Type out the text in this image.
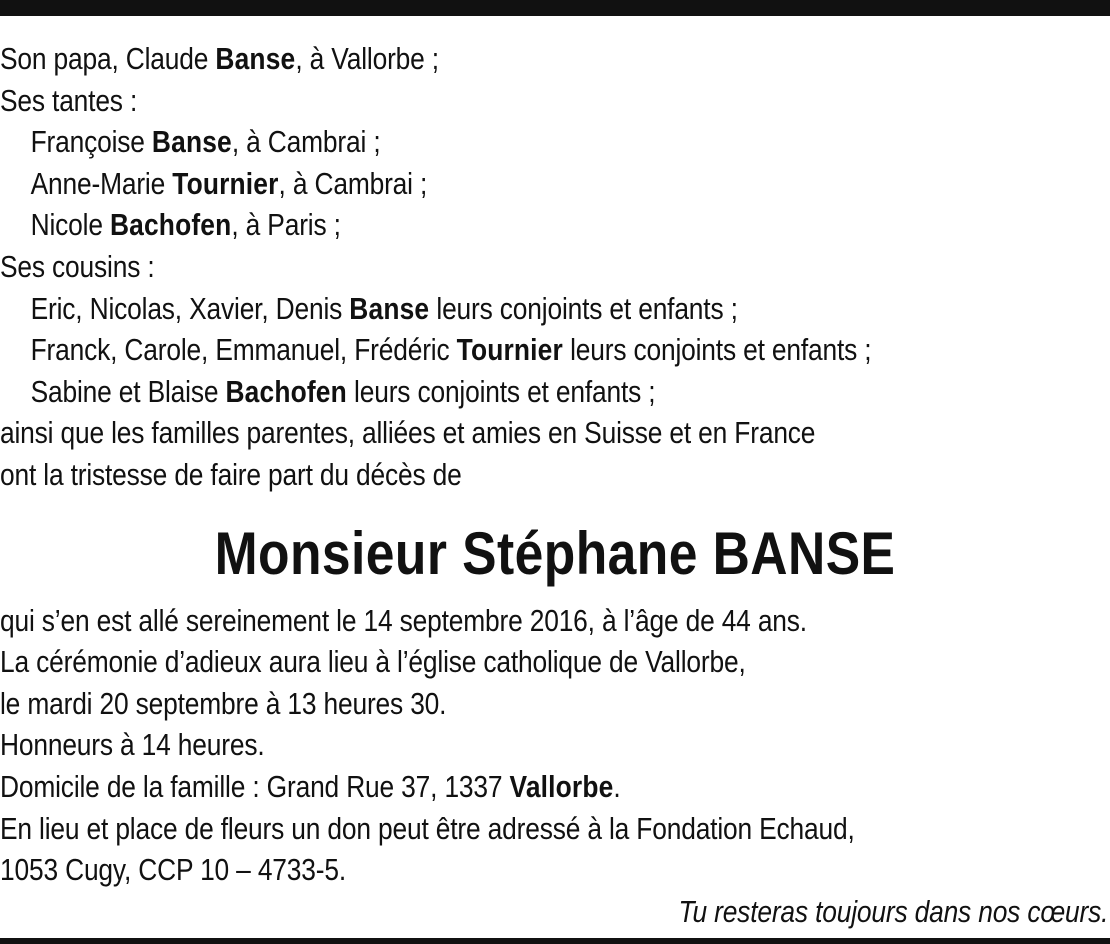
Son papa, Claude Banse, à Vallorbe ;
Ses tantes :
Françoise Banse, à Cambrai ;
Anne-Marie Tournier, à Cambrai ;
Nicole Bachofen, à Paris ;
Ses cousins :
Eric, Nicolas, Xavier, Denis Banse leurs conjoints et enfants ;
Franck, Carole, Emmanuel, Frédéric Tournier leurs conjoints et enfants ;
Sabine et Blaise Bachofen leurs conjoints et enfants ;
ainsi que les familles parentes, alliées et amies en Suisse et en France
ont la tristesse de faire part du décès de
Monsieur Stéphane BANSE
qui s’en est allé sereinement le 14 septembre 2016, à l’âge de 44 ans.
La cérémonie d’adieux aura lieu à l’église catholique de Vallorbe,
le mardi 20 septembre à 13 heures 30.
Honneurs à 14 heures.
Domicile de la famille : Grand Rue 37, 1337 Vallorbe.
En lieu et place de fleurs un don peut être adressé à la Fondation Echaud,
1053 Cugy, CCP 10 – 4733-5.
Tu resteras toujours dans nos cœurs.
